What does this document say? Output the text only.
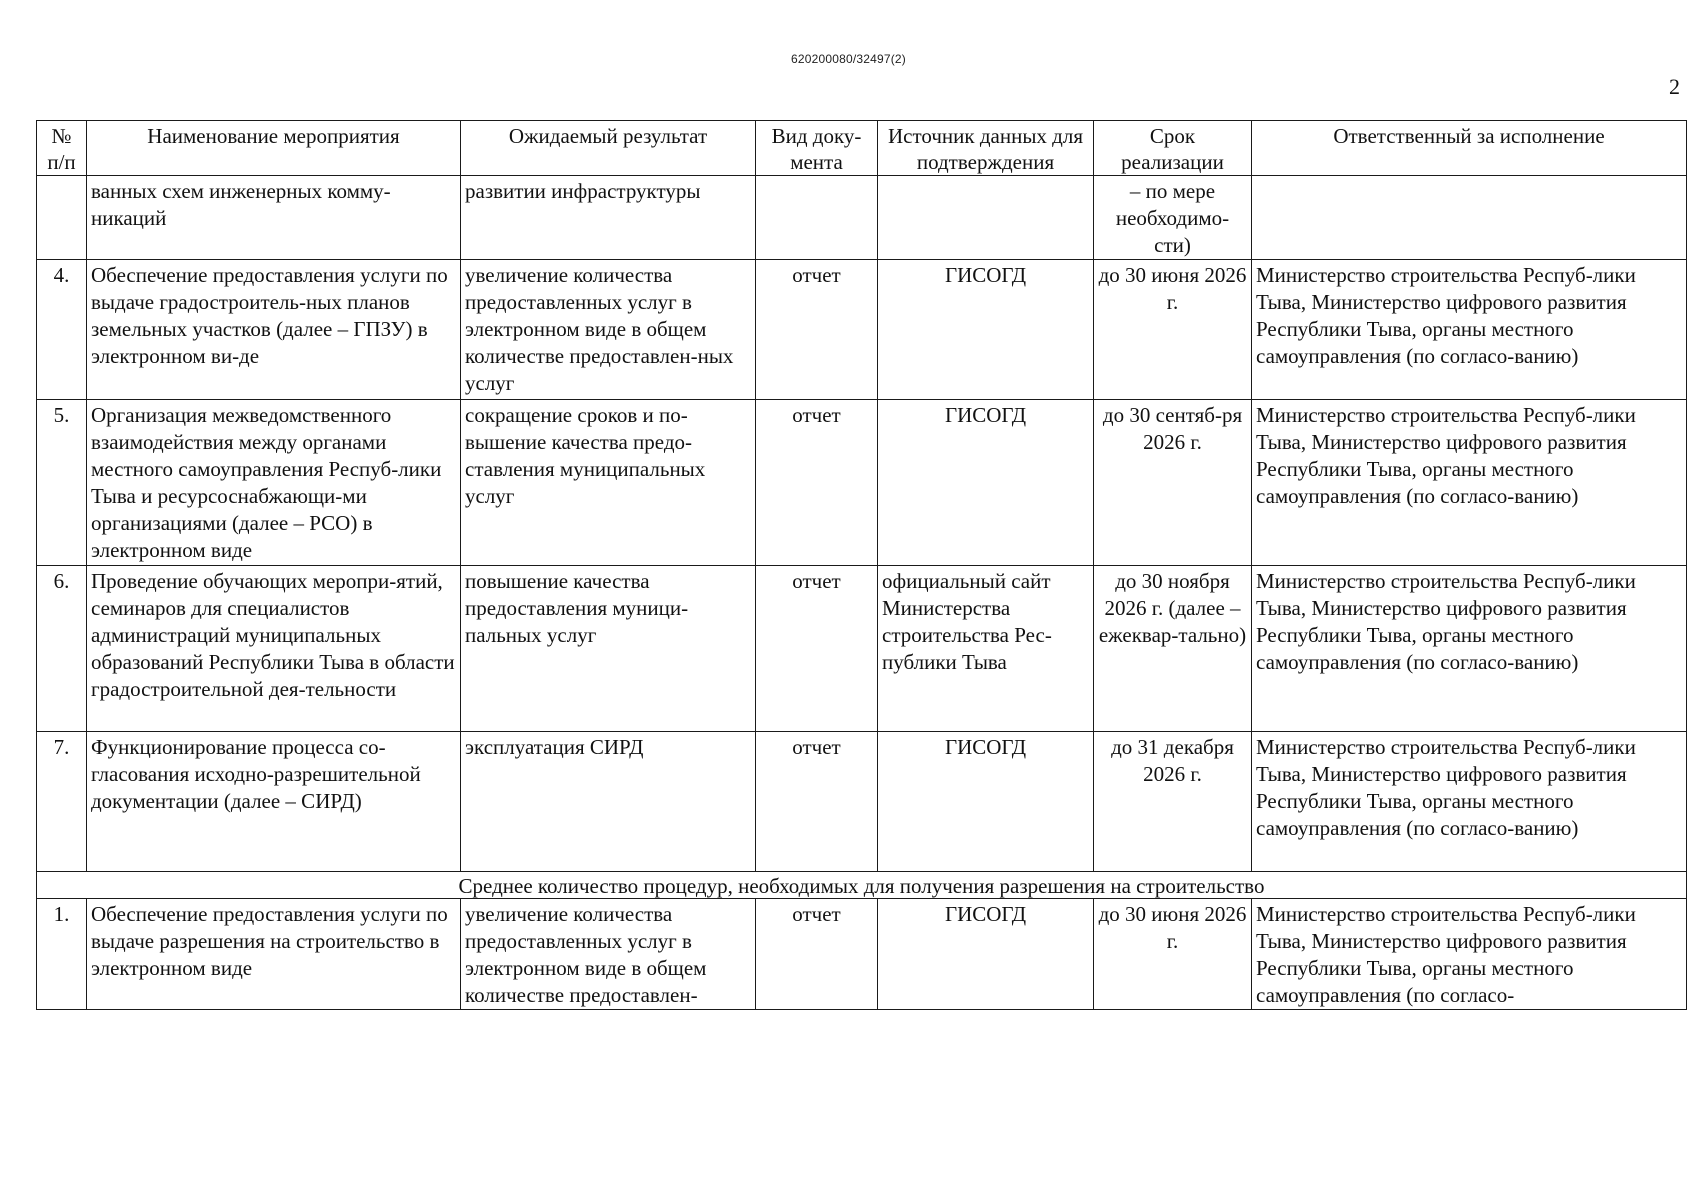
620200080/32497(2)
2
№ п/п	Наименование мероприятия	Ожидаемый результат	Вид доку-мента	Источник данных для подтверждения	Срок реализации	Ответственный за исполнение
	ванных схем инженерных комму-никаций	развитии инфраструктуры			– по мере необходимо-сти)	
4.	Обеспечение предоставления услуги по выдаче градостроитель-ных планов земельных участков (далее – ГПЗУ) в электронном ви-де	увеличение количества предоставленных услуг в электронном виде в общем количестве предоставлен-ных услуг	отчет	ГИСОГД	до 30 июня 2026 г.	Министерство строительства Респуб-лики Тыва, Министерство цифрового развития Республики Тыва, органы местного самоуправления (по согласо-ванию)
5.	Организация межведомственного взаимодействия между органами местного самоуправления Респуб-лики Тыва и ресурсоснабжающи-ми организациями (далее – РСО) в электронном виде	сокращение сроков и по-вышение качества предо-ставления муниципальных услуг	отчет	ГИСОГД	до 30 сентяб-ря 2026 г.	Министерство строительства Респуб-лики Тыва, Министерство цифрового развития Республики Тыва, органы местного самоуправления (по согласо-ванию)
6.	Проведение обучающих меропри-ятий, семинаров для специалистов администраций муниципальных образований Республики Тыва в области градостроительной дея-тельности	повышение качества предоставления муници-пальных услуг	отчет	официальный сайт Министерства строительства Рес-публики Тыва	до 30 ноября 2026 г. (далее – ежеквар-тально)	Министерство строительства Респуб-лики Тыва, Министерство цифрового развития Республики Тыва, органы местного самоуправления (по согласо-ванию)
7.	Функционирование процесса со-гласования исходно-разрешительной документации (далее – СИРД)	эксплуатация СИРД	отчет	ГИСОГД	до 31 декабря 2026 г.	Министерство строительства Респуб-лики Тыва, Министерство цифрового развития Республики Тыва, органы местного самоуправления (по согласо-ванию)
Среднее количество процедур, необходимых для получения разрешения на строительство						
1.	Обеспечение предоставления услуги по выдаче разрешения на строительство в электронном виде	увеличение количества предоставленных услуг в электронном виде в общем количестве предоставлен-	отчет	ГИСОГД	до 30 июня 2026 г.	Министерство строительства Респуб-лики Тыва, Министерство цифрового развития Республики Тыва, органы местного самоуправления (по согласо-
